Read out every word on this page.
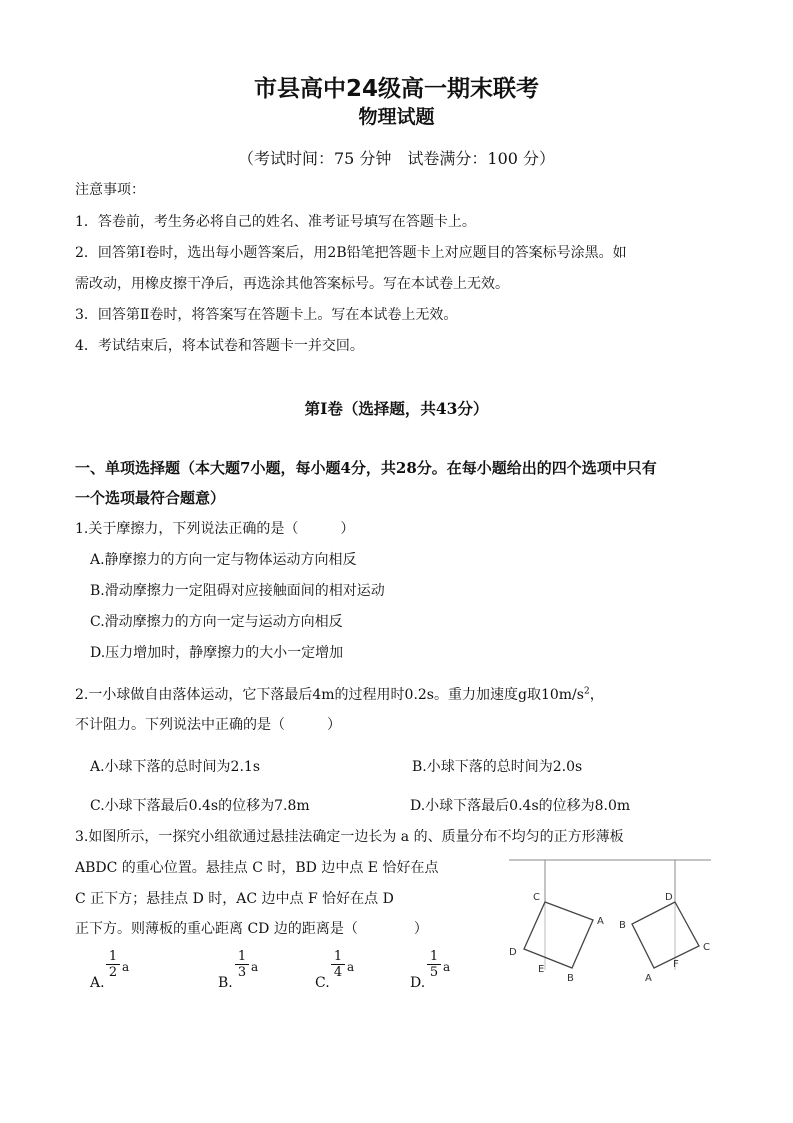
市县高中24级高一期末联考
物理试题
（考试时间：75 分钟　试卷满分：100 分）
注意事项：
1．答卷前，考生务必将自己的姓名、准考证号填写在答题卡上。
2．回答第Ⅰ卷时，选出每小题答案后，用2B铅笔把答题卡上对应题目的答案标号涂黑。如
需改动，用橡皮擦干净后，再选涂其他答案标号。写在本试卷上无效。
3．回答第Ⅱ卷时，将答案写在答题卡上。写在本试卷上无效。
4．考试结束后，将本试卷和答题卡一并交回。
第Ⅰ卷（选择题，共43分）
一、单项选择题（本大题7小题，每小题4分，共28分。在每小题给出的四个选项中只有
一个选项最符合题意）
1.关于摩擦力，下列说法正确的是（　　　）
A.静摩擦力的方向一定与物体运动方向相反
B.滑动摩擦力一定阻碍对应接触面间的相对运动
C.滑动摩擦力的方向一定与运动方向相反
D.压力增加时，静摩擦力的大小一定增加
2.一小球做自由落体运动，它下落最后4m的过程用时0.2s。重力加速度g取$10m/s^2$，
不计阻力。下列说法中正确的是（　　　）
A.小球下落的总时间为2.1s	B.小球下落的总时间为2.0s
C.小球下落最后0.4s的位移为7.8m	D.小球下落最后0.4s的位移为8.0m
3.如图所示，一探究小组欲通过悬挂法确定一边长为 a 的、质量分布不均匀的正方形薄板
ABDC 的重心位置。悬挂点 C 时，BD 边中点 E 恰好在点
C 正下方；悬挂点 D 时，AC 边中点 F 恰好在点 D
正下方。则薄板的重心距离 CD 边的距离是（　　　　）
A.
$\frac{1}{2}$ a
B.
$\frac{1}{3}$ a
C.
$\frac{1}{4}$ a
D.
$\frac{1}{5}$ a
C
A
D
E
B
D
B
C
A
F
